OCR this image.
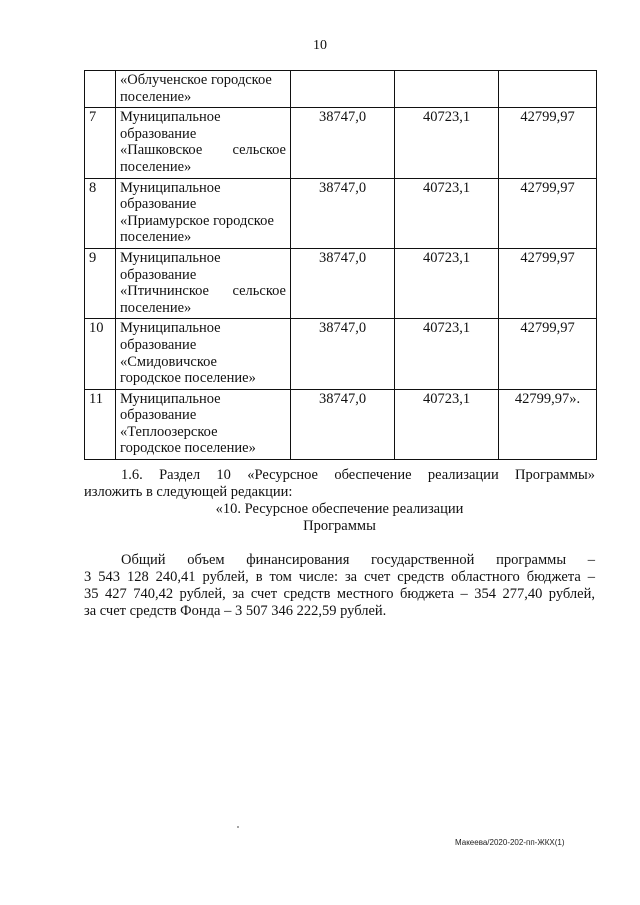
10

	«Облученское городское
поселение»			

7	Муниципальное
образование
«Пашковское сельское
поселение»	38747,0	40723,1	42799,97
8	Муниципальное
образование
«Приамурское городское
поселение»	38747,0	40723,1	42799,97
9	Муниципальное
образование
«Птичнинское сельское
поселение»	38747,0	40723,1	42799,97
10	Муниципальное
образование
«Смидовичское
городское поселение»	38747,0	40723,1	42799,97
11	Муниципальное
образование
«Теплоозерское
городское поселение»	38747,0	40723,1	42799,97».
1.6. Раздел 10 «Ресурсное обеспечение реализации Программы»
изложить в следующей редакции:
«10. Ресурсное обеспечение реализации
Программы
Общий объем финансирования государственной программы –
3 543 128 240,41 рублей, в том числе: за счет средств областного бюджета –
35 427 740,42 рублей, за счет средств местного бюджета – 354 277,40 рублей,
за счет средств Фонда – 3 507 346 222,59 рублей.
Макеева/2020-202-пп-ЖКХ(1)
